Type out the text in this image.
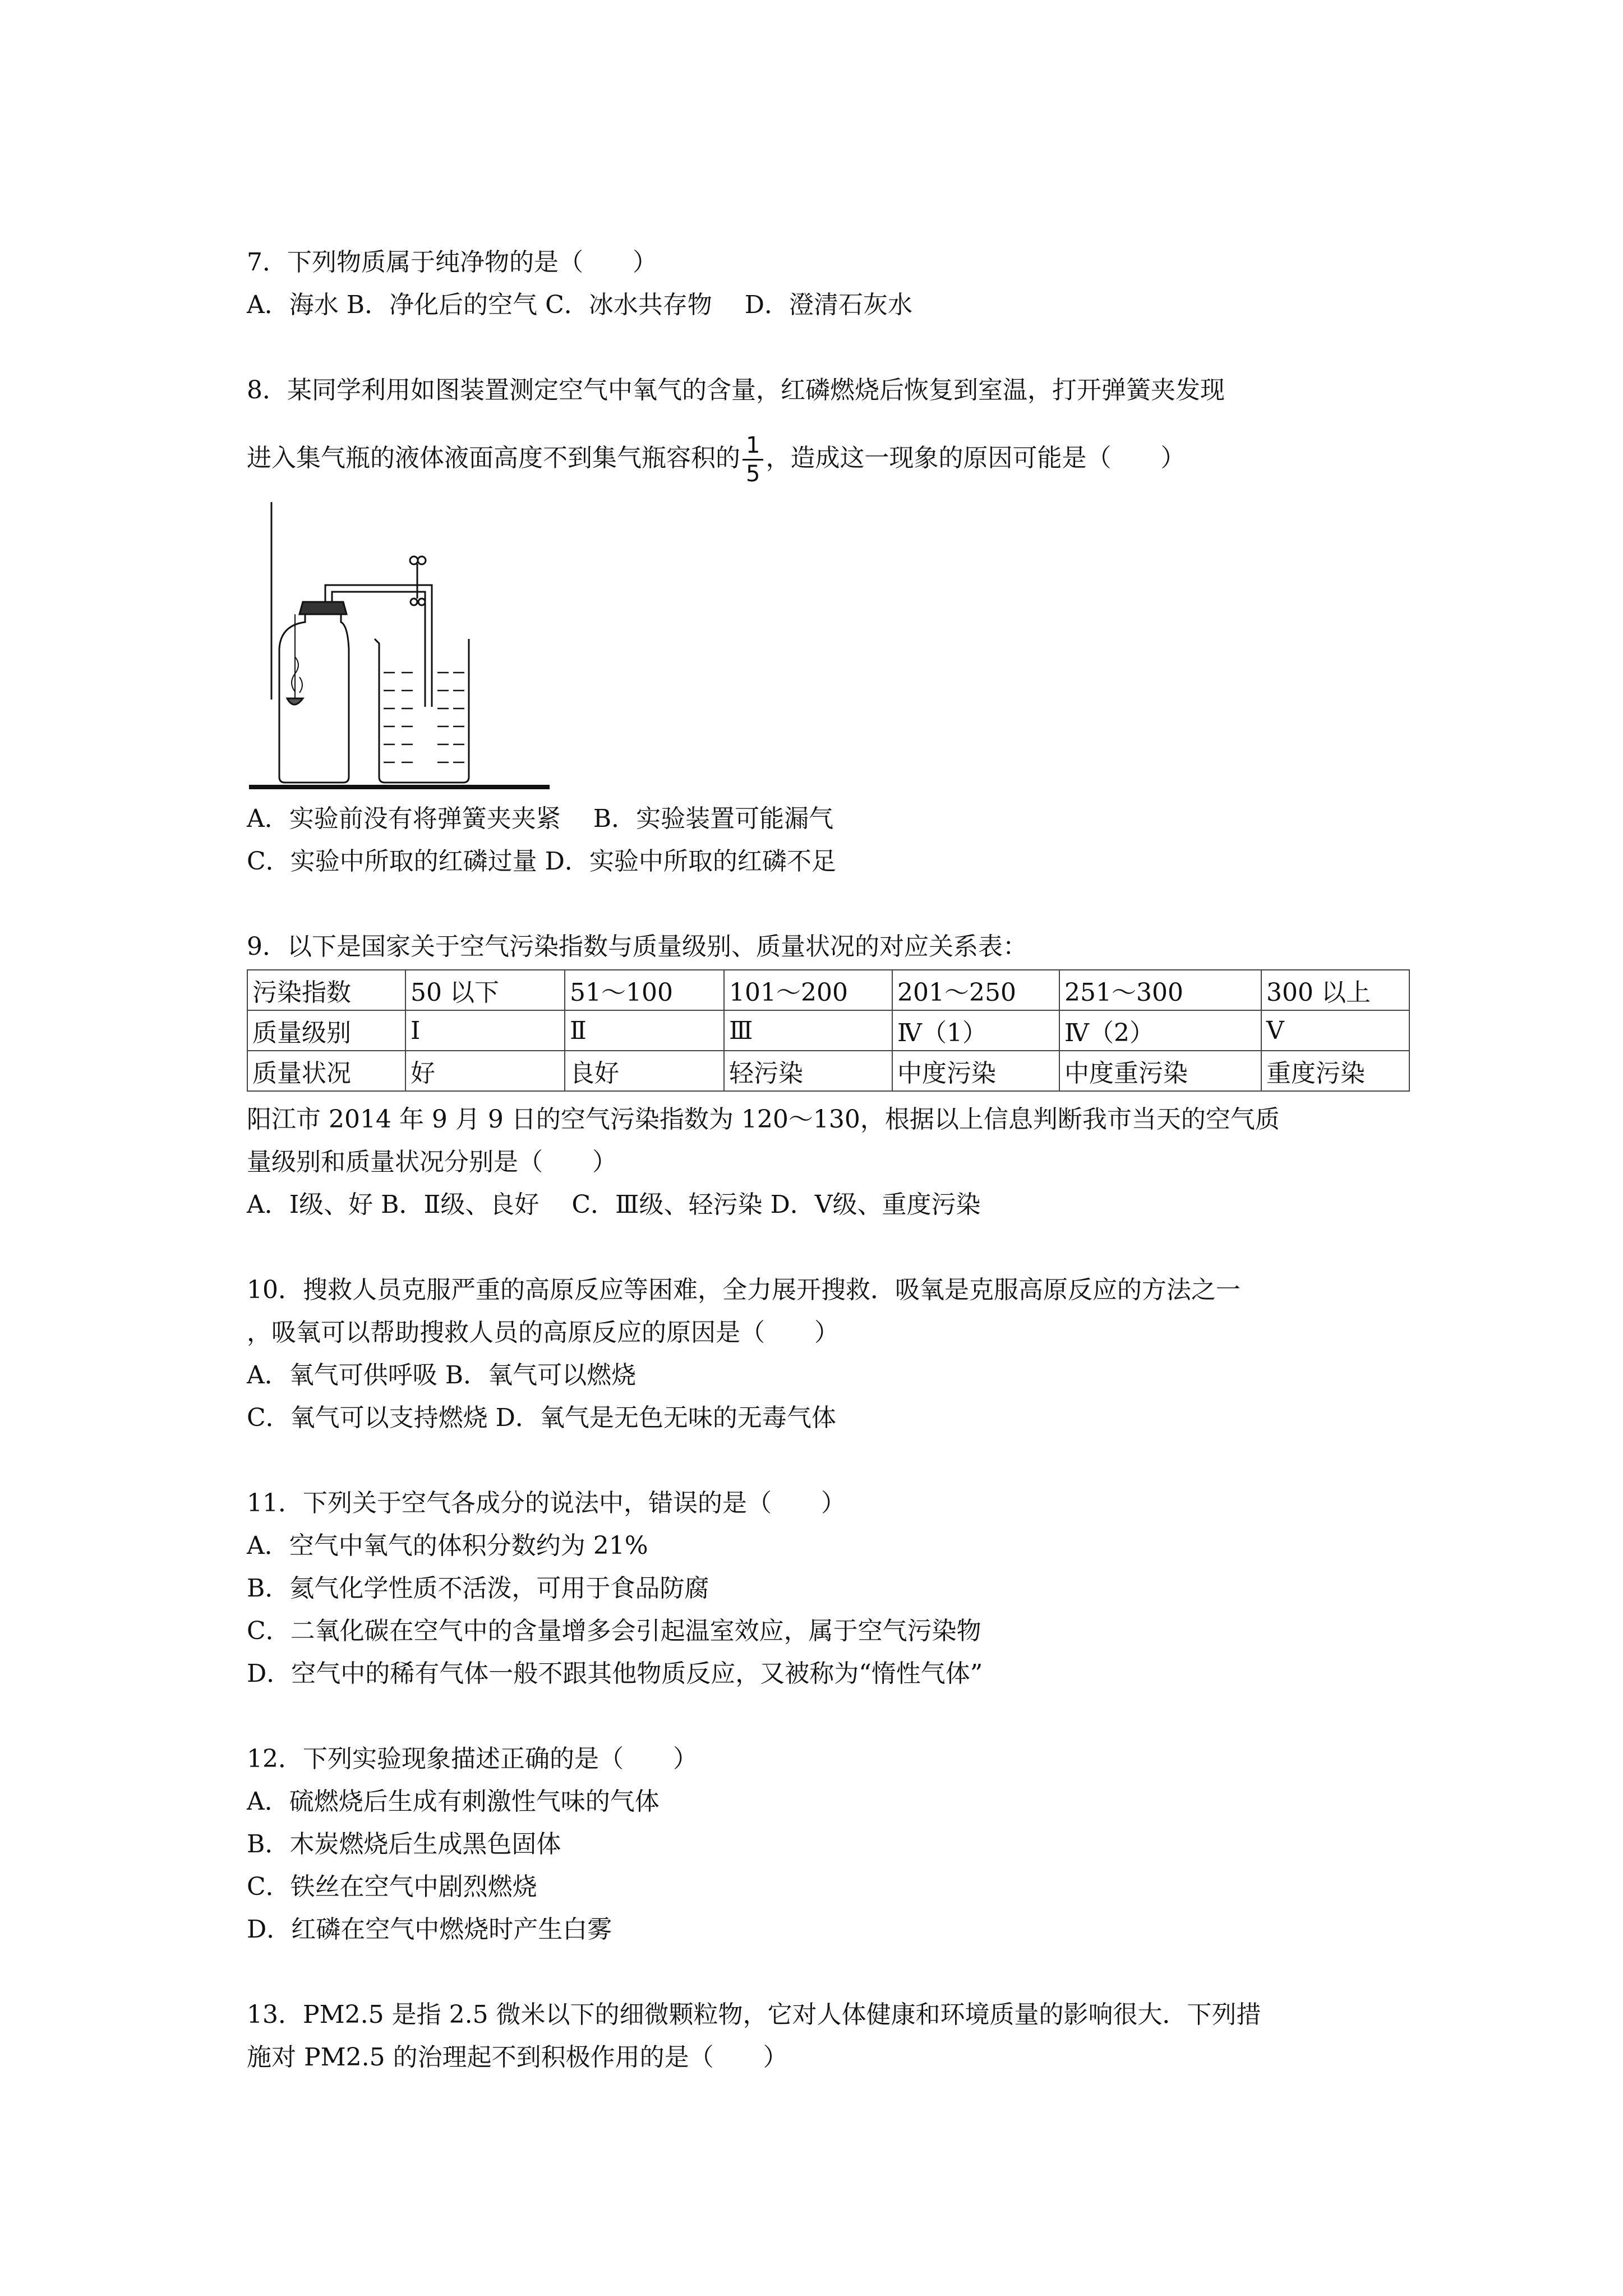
7．下列物质属于纯净物的是（　　）
A．海水 B．净化后的空气 C．冰水共存物　 D．澄清石灰水
8．某同学利用如图装置测定空气中氧气的含量，红磷燃烧后恢复到室温，打开弹簧夹发现
进入集气瓶的液体液面高度不到集气瓶容积的 $\frac{1}{5}$ ，造成这一现象的原因可能是（　　）
A．实验前没有将弹簧夹夹紧　 B．实验装置可能漏气
C．实验中所取的红磷过量 D．实验中所取的红磷不足
9．以下是国家关于空气污染指数与质量级别、质量状况的对应关系表：
污染指数	50 以下	51～100	101～200	201～250	251～300	300 以上
质量级别	Ⅰ	Ⅱ	Ⅲ	Ⅳ（1）	Ⅳ（2）	Ⅴ
质量状况	好	良好	轻污染	中度污染	中度重污染	重度污染
阳江市 2014 年 9 月 9 日的空气污染指数为 120～130，根据以上信息判断我市当天的空气质
量级别和质量状况分别是（　　）
A．Ⅰ级、好 B．Ⅱ级、良好　 C．Ⅲ级、轻污染 D．Ⅴ级、重度污染
10．搜救人员克服严重的高原反应等困难，全力展开搜救．吸氧是克服高原反应的方法之一
，吸氧可以帮助搜救人员的高原反应的原因是（　　）
A．氧气可供呼吸 B．氧气可以燃烧
C．氧气可以支持燃烧 D．氧气是无色无味的无毒气体
11．下列关于空气各成分的说法中，错误的是（　　）
A．空气中氧气的体积分数约为 21%
B．氦气化学性质不活泼，可用于食品防腐
C．二氧化碳在空气中的含量增多会引起温室效应，属于空气污染物
D．空气中的稀有气体一般不跟其他物质反应，又被称为“惰性气体”
12．下列实验现象描述正确的是（　　）
A．硫燃烧后生成有刺激性气味的气体
B．木炭燃烧后生成黑色固体
C．铁丝在空气中剧烈燃烧
D．红磷在空气中燃烧时产生白雾
13．PM2.5 是指 2.5 微米以下的细微颗粒物，它对人体健康和环境质量的影响很大．下列措
施对 PM2.5 的治理起不到积极作用的是（　　）
